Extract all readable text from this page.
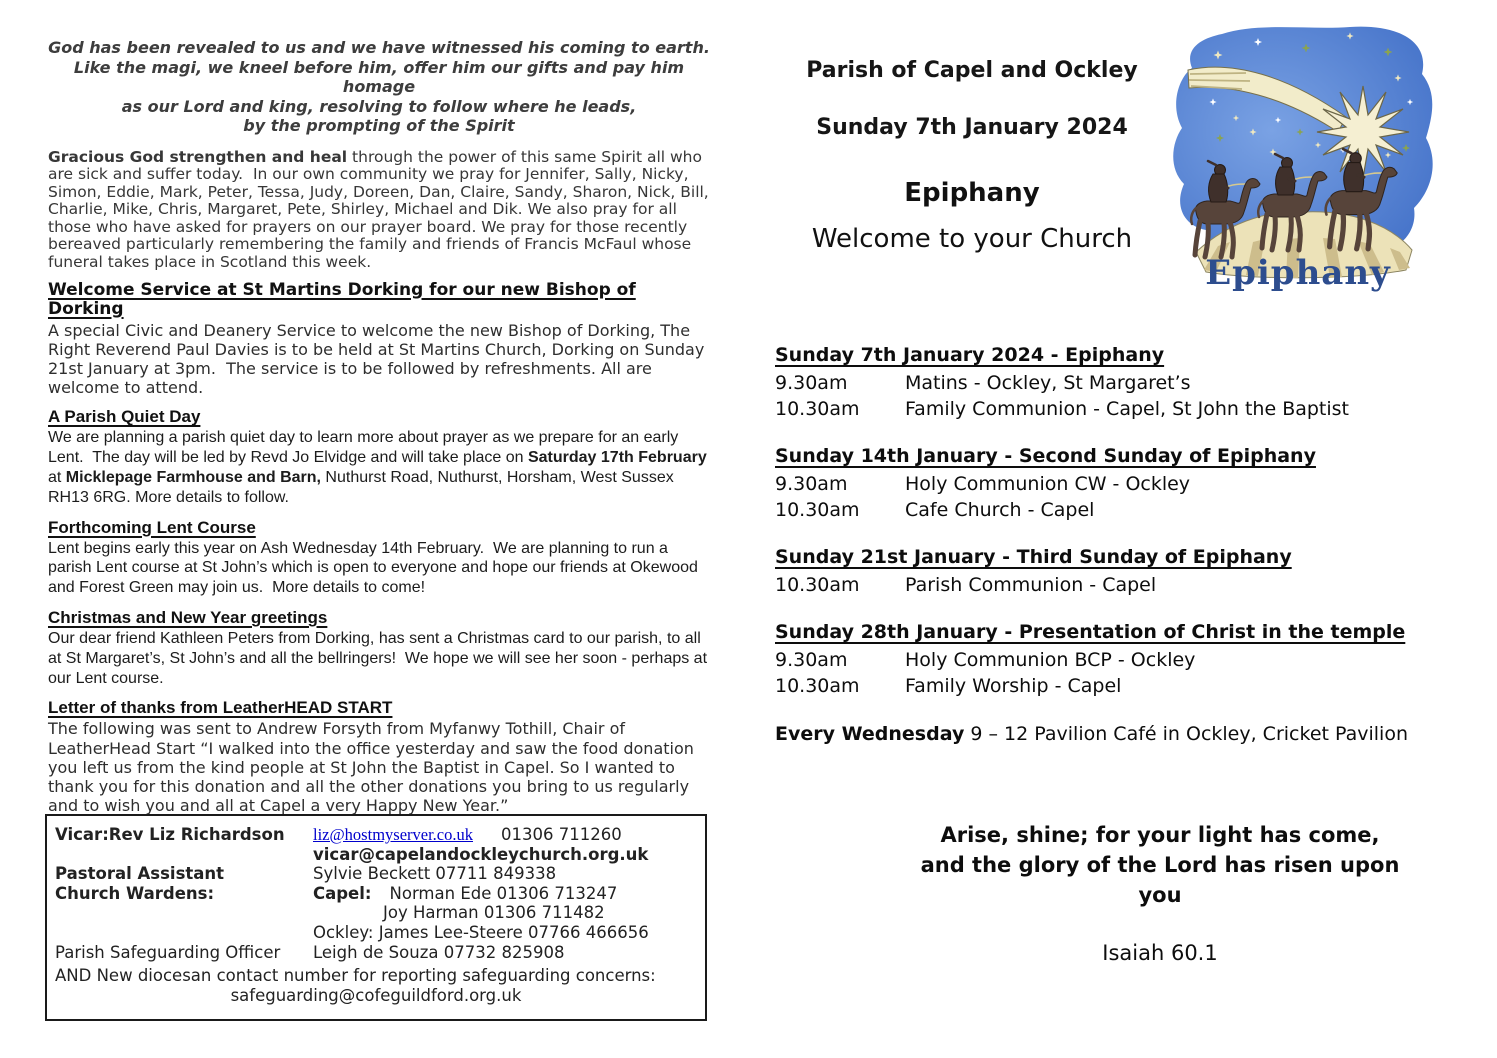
God has been revealed to us and we have witnessed his coming to earth.
Like the magi, we kneel before him, offer him our gifts and pay him homage
as our Lord and king, resolving to follow where he leads,
by the prompting of the Spirit
Gracious God strengthen and heal through the power of this same Spirit all who are sick and suffer today.  In our own community we pray for Jennifer, Sally, Nicky, Simon, Eddie, Mark, Peter, Tessa, Judy, Doreen, Dan, Claire, Sandy, Sharon, Nick, Bill, Charlie, Mike, Chris, Margaret, Pete, Shirley, Michael and Dik. We also pray for all those who have asked for prayers on our prayer board. We pray for those recently bereaved particularly remembering the family and friends of Francis McFaul whose funeral takes place in Scotland this week.
Welcome Service at St Martins Dorking for our new Bishop of Dorking

A special Civic and Deanery Service to welcome the new Bishop of Dorking, The Right Reverend Paul Davies is to be held at St Martins Church, Dorking on Sunday 21st January at 3pm.  The service is to be followed by refreshments. All are welcome to attend.

A Parish Quiet Day

We are planning a parish quiet day to learn more about prayer as we prepare for an early Lent.  The day will be led by Revd Jo Elvidge and will take place on Saturday 17th February at Micklepage Farmhouse and Barn, Nuthurst Road, Nuthurst, Horsham, West Sussex RH13 6RG. More details to follow.

Forthcoming Lent Course

Lent begins early this year on Ash Wednesday 14th February.  We are planning to run a parish Lent course at St John’s which is open to everyone and hope our friends at Okewood and Forest Green may join us.  More details to come!

Christmas and New Year greetings

Our dear friend Kathleen Peters from Dorking, has sent a Christmas card to our parish, to all at St Margaret’s, St John’s and all the bellringers!  We hope we will see her soon - perhaps at our Lent course.

Letter of thanks from LeatherHEAD START

The following was sent to Andrew Forsyth from Myfanwy Tothill, Chair of LeatherHead Start “I walked into the office yesterday and saw the food donation you left us from the kind people at St John the Baptist in Capel. So I wanted to thank you for this donation and all the other donations you bring to us regularly and to wish you and all at Capel a very Happy New Year.”

Vicar:Rev Liz Richardson	liz@hostmyserver.co.uk 01306 711260
vicar@capelandockleychurch.org.uk
Pastoral Assistant	Sylvie Beckett 07711 849338
Church Wardens:	Capel: Norman Ede 01306 713247
Joy Harman 01306 711482
Ockley: James Lee-Steere 07766 466656
Parish Safeguarding Officer	Leigh de Souza 07732 825908
AND New diocesan contact number for reporting safeguarding concerns:
safeguarding@cofeguildford.org.uk
Parish of Capel and Ockley
Sunday 7th January 2024
Epiphany
Welcome to your Church
Epiphany
Sunday 7th January 2024 - Epiphany
9.30am	Matins - Ockley, St Margaret’s
10.30am	Family Communion - Capel, St John the Baptist
Sunday 14th January - Second Sunday of Epiphany
9.30am	Holy Communion CW - Ockley
10.30am	Cafe Church - Capel
Sunday 21st January - Third Sunday of Epiphany
10.30am	Parish Communion - Capel
Sunday 28th January - Presentation of Christ in the temple
9.30am	Holy Communion BCP - Ockley
10.30am	Family Worship - Capel
Every Wednesday 9 – 12 Pavilion Café in Ockley, Cricket Pavilion
Arise, shine; for your light has come,
and the glory of the Lord has risen upon you
Isaiah 60.1
